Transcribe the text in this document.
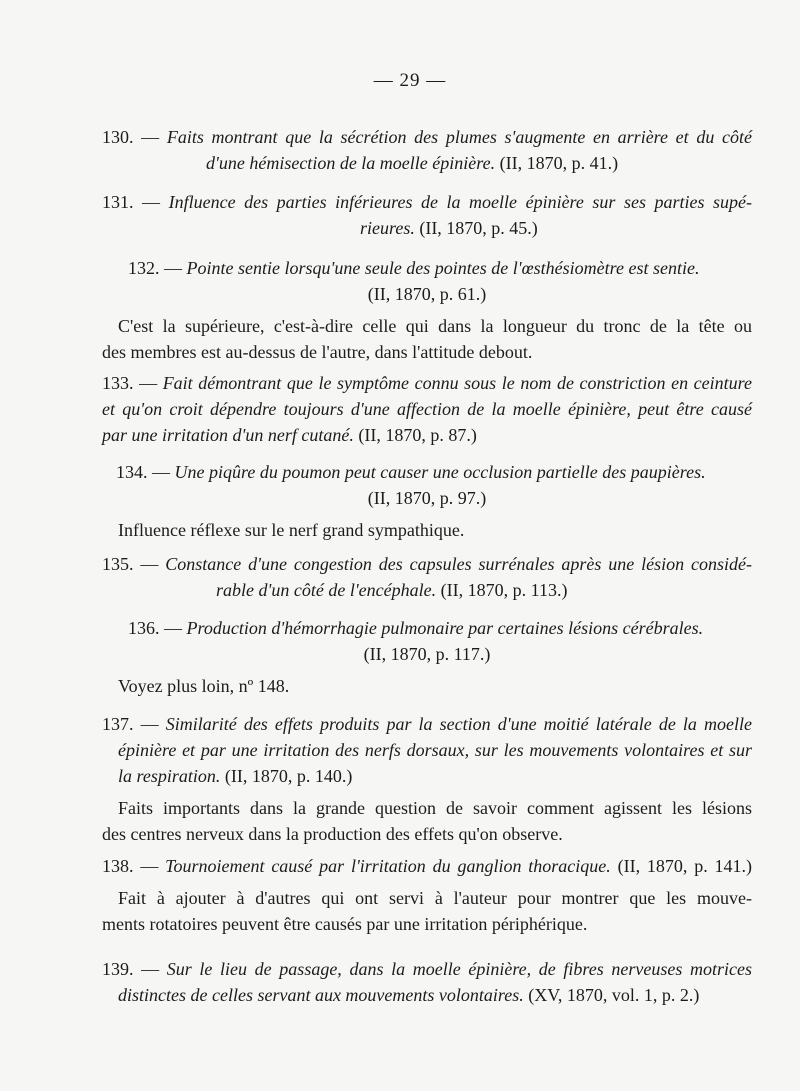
— 29 —
130. — Faits montrant que la sécrétion des plumes s'augmente en arrière et du côté
d'une hémisection de la moelle épinière. (II, 1870, p. 41.)
131. — Influence des parties inférieures de la moelle épinière sur ses parties supé-
rieures. (II, 1870, p. 45.)
132. — Pointe sentie lorsqu'une seule des pointes de l'œsthésiomètre est sentie.
(II, 1870, p. 61.)
C'est la supérieure, c'est-à-dire celle qui dans la longueur du tronc de la tête ou
des membres est au-dessus de l'autre, dans l'attitude debout.
133. — Fait démontrant que le symptôme connu sous le nom de constriction en ceinture
et qu'on croit dépendre toujours d'une affection de la moelle épinière, peut être causé
par une irritation d'un nerf cutané. (II, 1870, p. 87.)
134. — Une piqûre du poumon peut causer une occlusion partielle des paupières.
(II, 1870, p. 97.)
Influence réflexe sur le nerf grand sympathique.
135. — Constance d'une congestion des capsules surrénales après une lésion considé-
rable d'un côté de l'encéphale. (II, 1870, p. 113.)
136. — Production d'hémorrhagie pulmonaire par certaines lésions cérébrales.
(II, 1870, p. 117.)
Voyez plus loin, nº 148.
137. — Similarité des effets produits par la section d'une moitié latérale de la moelle
épinière et par une irritation des nerfs dorsaux, sur les mouvements volontaires et sur
la respiration. (II, 1870, p. 140.)
Faits importants dans la grande question de savoir comment agissent les lésions
des centres nerveux dans la production des effets qu'on observe.
138. — Tournoiement causé par l'irritation du ganglion thoracique. (II, 1870, p. 141.)
Fait à ajouter à d'autres qui ont servi à l'auteur pour montrer que les mouve-
ments rotatoires peuvent être causés par une irritation périphérique.
139. — Sur le lieu de passage, dans la moelle épinière, de fibres nerveuses motrices
distinctes de celles servant aux mouvements volontaires. (XV, 1870, vol. 1, p. 2.)
